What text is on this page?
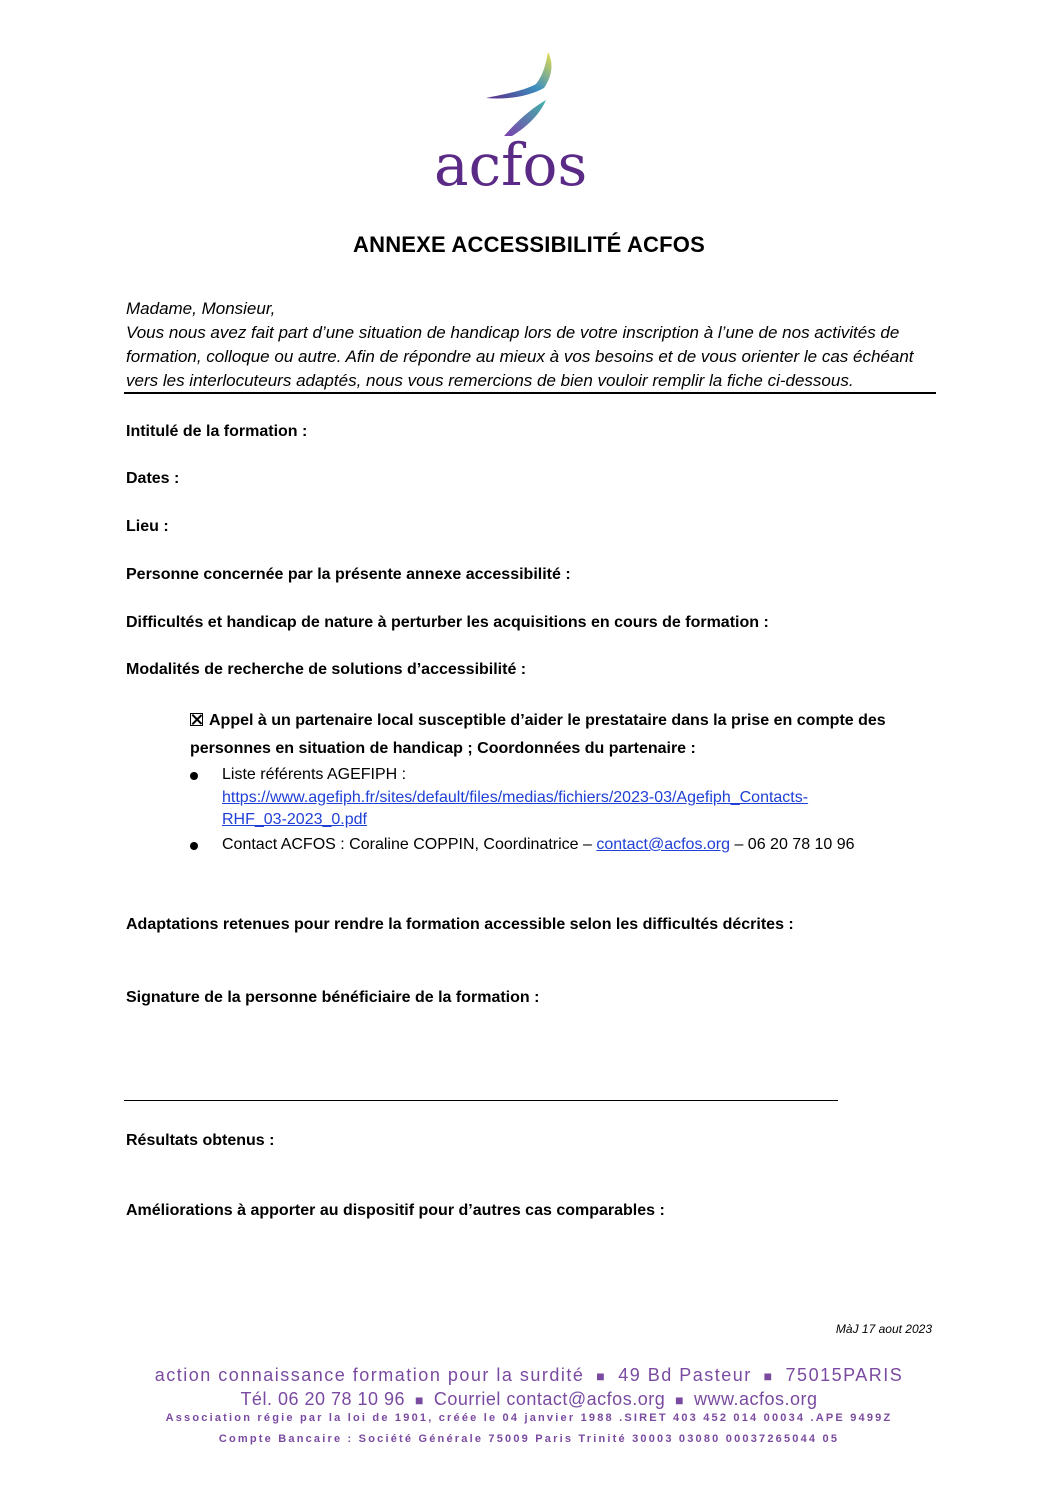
acfos
ANNEXE ACCESSIBILITÉ ACFOS
Madame, Monsieur,
Vous nous avez fait part d’une situation de handicap lors de votre inscription à l’une de nos activités de
formation, colloque ou autre. Afin de répondre au mieux à vos besoins et de vous orienter le cas échéant
vers les interlocuteurs adaptés, nous vous remercions de bien vouloir remplir la fiche ci-dessous.
Intitulé de la formation :
Dates :
Lieu :
Personne concernée par la présente annexe accessibilité :
Difficultés et handicap de nature à perturber les acquisitions en cours de formation :
Modalités de recherche de solutions d’accessibilité :
Appel à un partenaire local susceptible d’aider le prestataire dans la prise en compte des
personnes en situation de handicap ; Coordonnées du partenaire :
Liste référents AGEFIPH :
https://www.agefiph.fr/sites/default/files/medias/fichiers/2023-03/Agefiph_Contacts-
RHF_03-2023_0.pdf
Contact ACFOS : Coraline COPPIN, Coordinatrice – contact@acfos.org – 06 20 78 10 96
Adaptations retenues pour rendre la formation accessible selon les difficultés décrites :
Signature de la personne bénéficiaire de la formation :
Résultats obtenus :
Améliorations à apporter au dispositif pour d’autres cas comparables :
MàJ 17 aout 2023
action connaissance formation pour la surdité  ■  49 Bd Pasteur  ■  75015PARIS
Tél. 06 20 78 10 96  ■  Courriel contact@acfos.org  ■  www.acfos.org
Association régie par la loi de 1901, créée le 04 janvier 1988 .SIRET 403 452 014 00034 .APE 9499Z
Compte Bancaire : Société Générale 75009 Paris Trinité 30003 03080 00037265044 05
